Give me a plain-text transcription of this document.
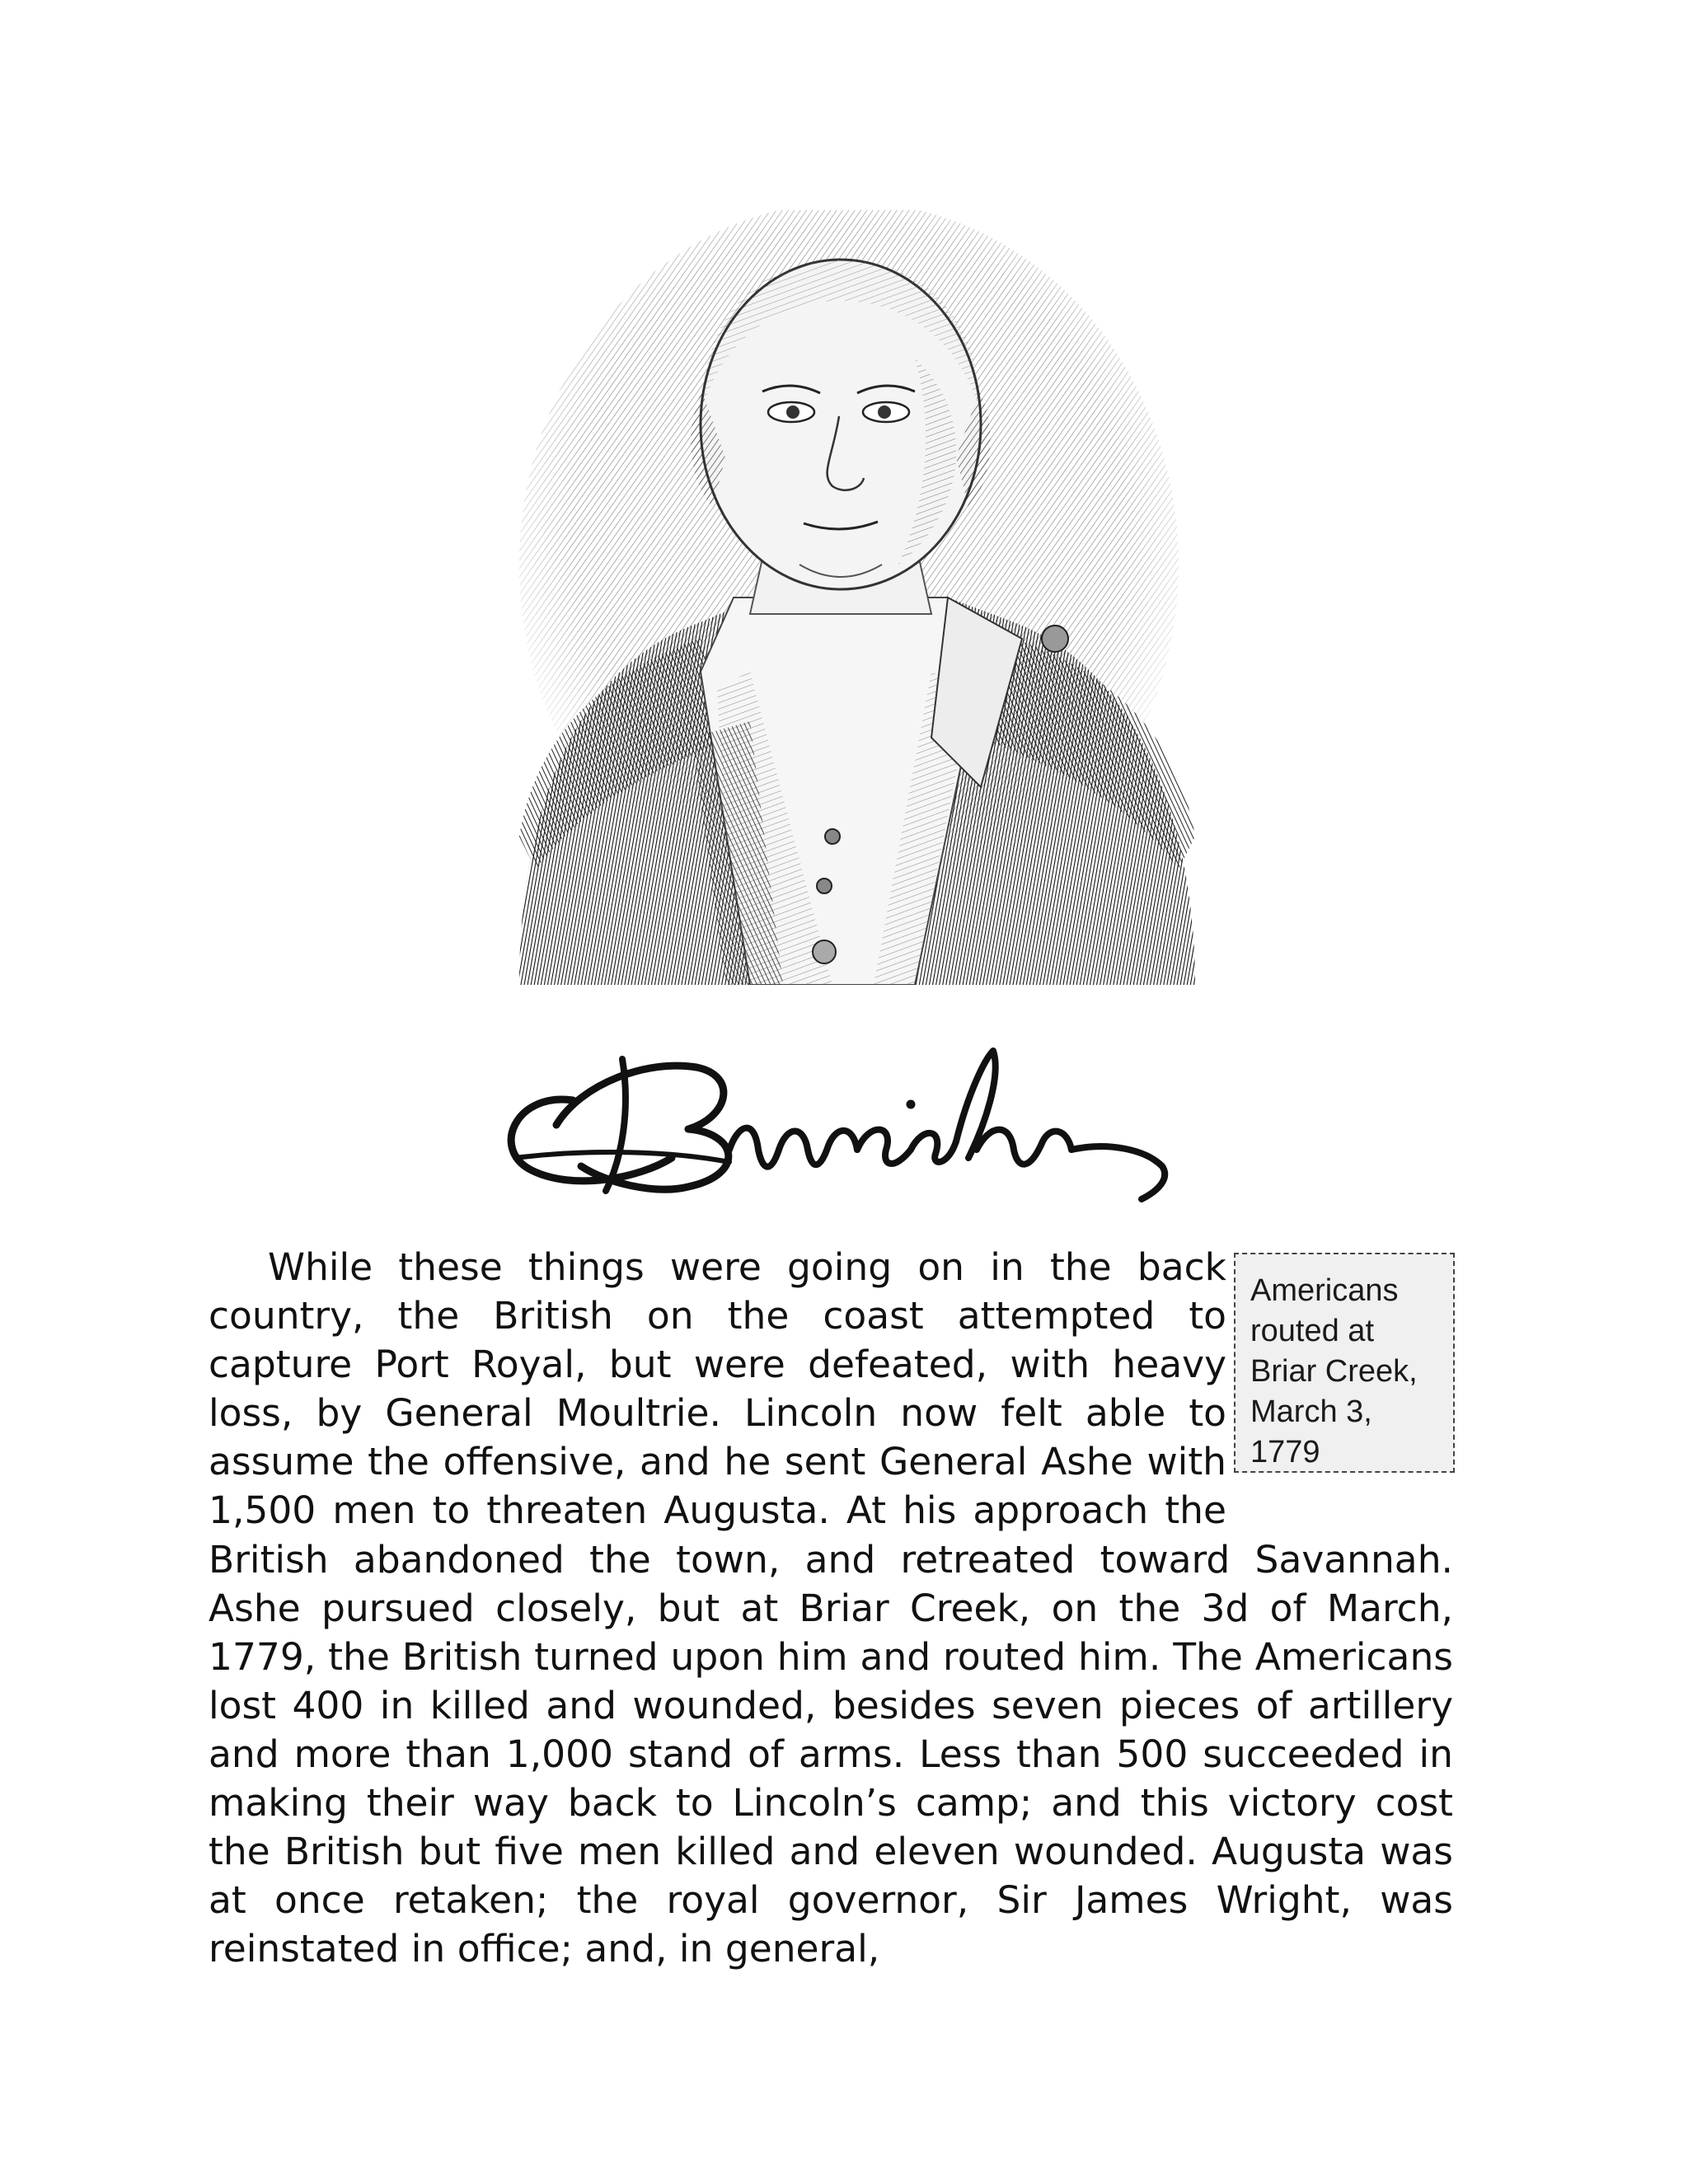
Americans routed at Briar Creek, March 3, 1779

While these things were going on in the back country, the British on the coast attempted to capture Port Royal, but were defeated, with heavy loss, by General Moultrie. Lincoln now felt able to assume the offensive, and he sent General Ashe with 1,500 men to threaten Augusta. At his approach the British abandoned the town, and retreated toward Savannah. Ashe pursued closely, but at Briar Creek, on the 3d of March, 1779, the British turned upon him and routed him. The Americans lost 400 in killed and wounded, besides seven pieces of artillery and more than 1,000 stand of arms. Less than 500 succeeded in making their way back to Lincoln’s camp; and this victory cost the British but five men killed and eleven wounded. Augusta was at once retaken; the royal governor, Sir James Wright, was reinstated in office; and, in general,
